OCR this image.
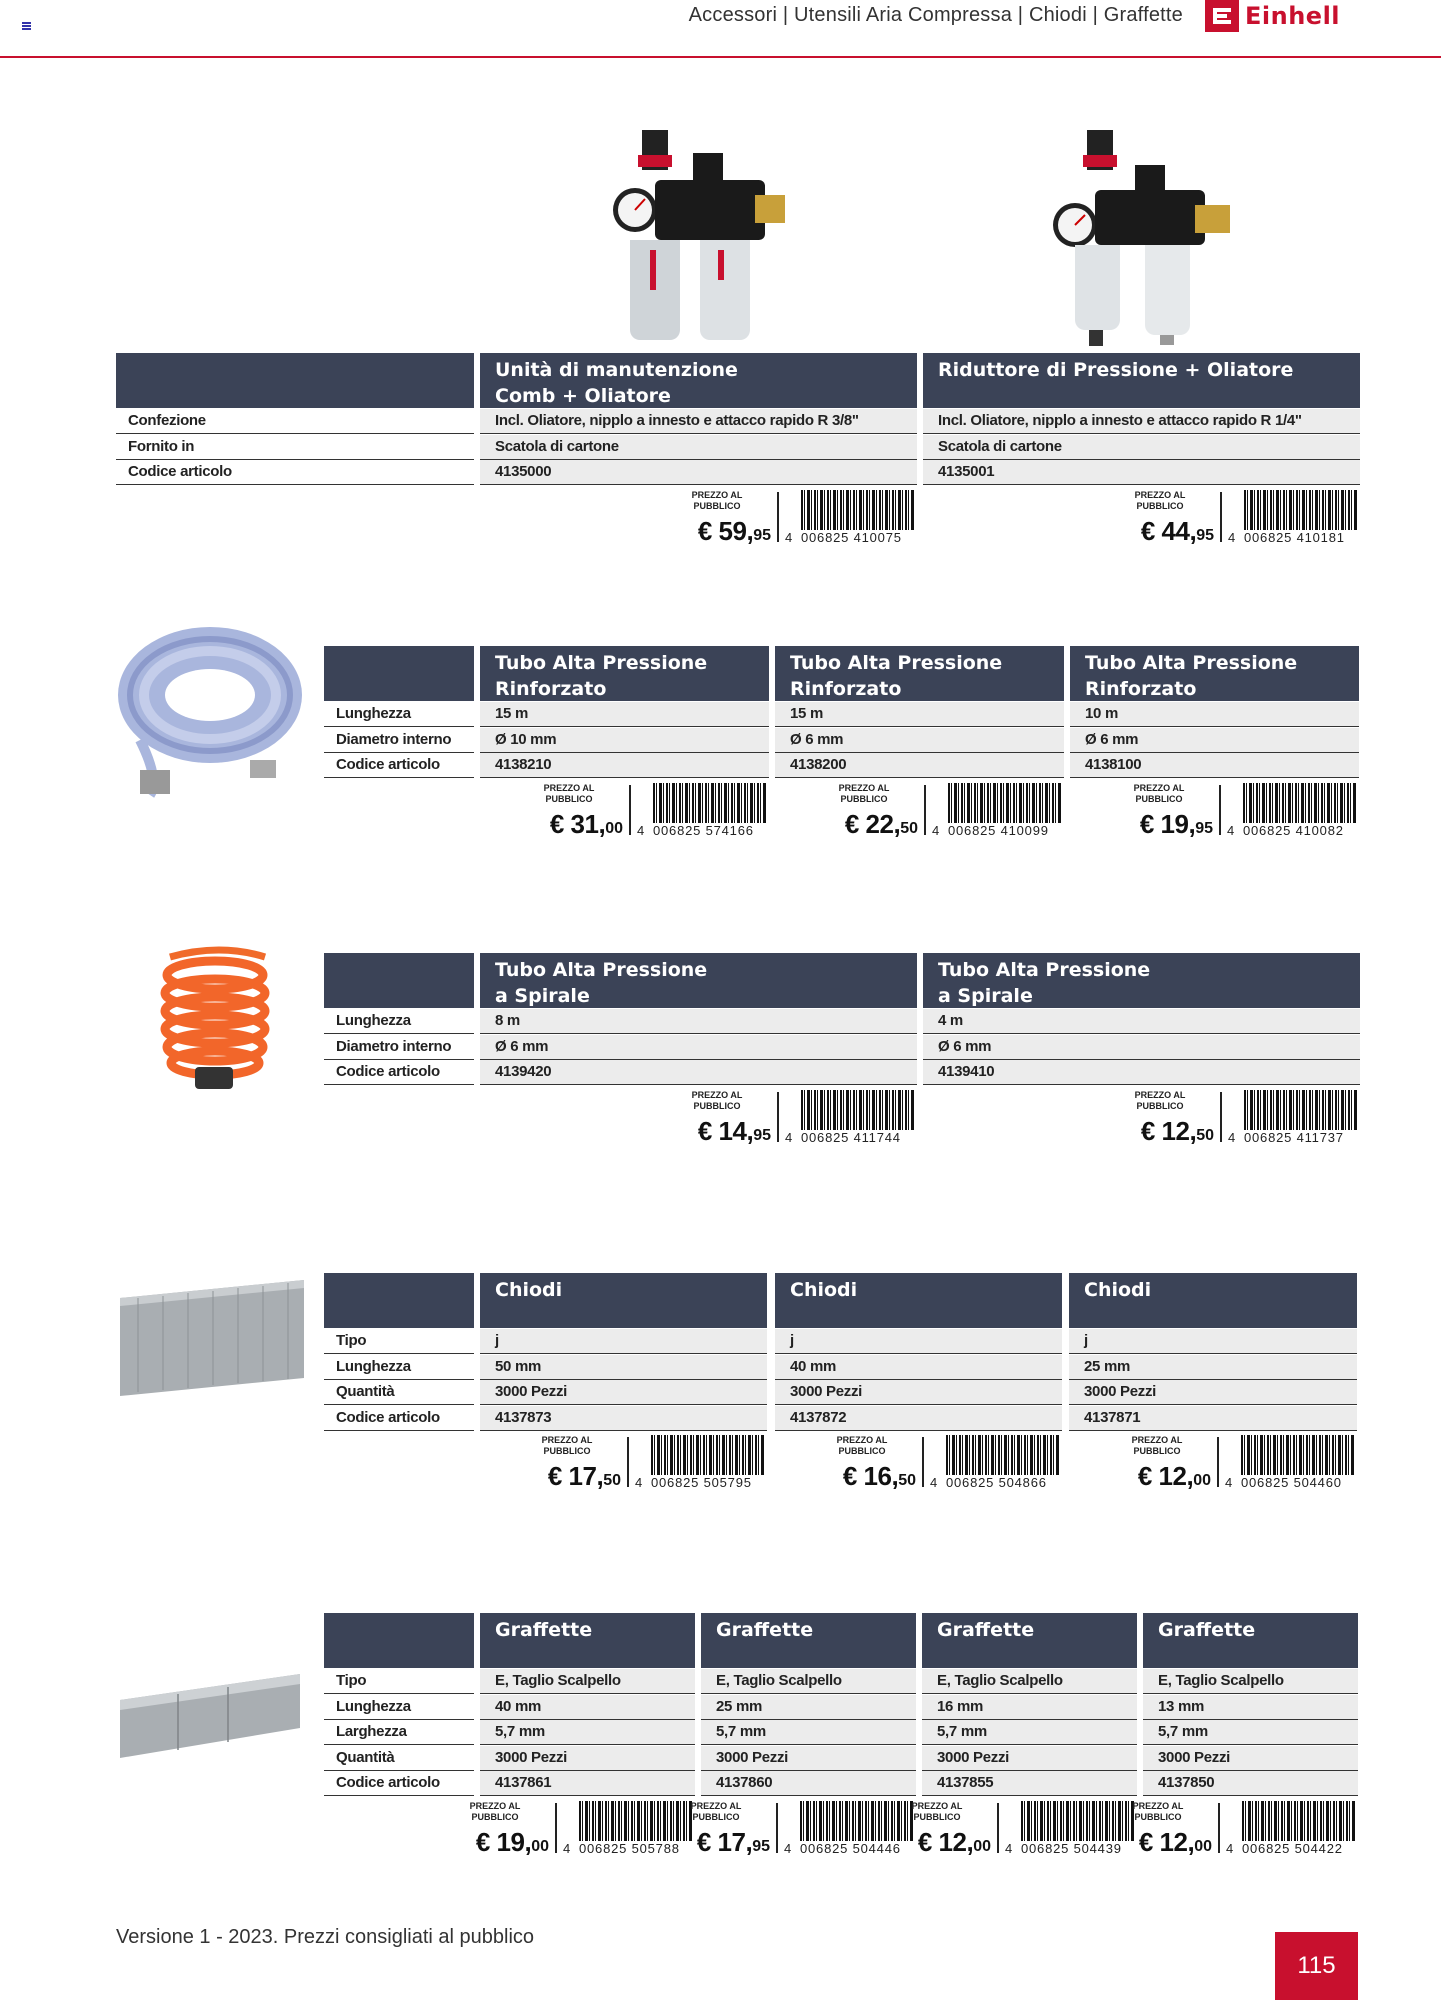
Accessori | Utensili Aria Compressa | Chiodi | Graffette	Einhell
Confezione
Fornito in
Codice articolo
Unità di manutenzione
Comb + Oliatore
Incl. Oliatore, nipplo a innesto e attacco rapido R 3/8"
Scatola di cartone
4135000
PREZZO AL PUBBLICO
€ 59,95 4 006825 410075
Riduttore di Pressione + Oliatore
Incl. Oliatore, nipplo a innesto e attacco rapido R 1/4"
Scatola di cartone
4135001
PREZZO AL PUBBLICO
€ 44,95 4 006825 410181
Lunghezza
Diametro interno
Codice articolo
Tubo Alta Pressione
Rinforzato
15 m
Ø 10 mm
4138210
PREZZO AL PUBBLICO
€ 31,00 4 006825 574166
Tubo Alta Pressione
Rinforzato
15 m
Ø 6 mm
4138200
PREZZO AL PUBBLICO
€ 22,50 4 006825 410099
Tubo Alta Pressione
Rinforzato
10 m
Ø 6 mm
4138100
PREZZO AL PUBBLICO
€ 19,95 4 006825 410082
Lunghezza
Diametro interno
Codice articolo
Tubo Alta Pressione
a Spirale
8 m
Ø 6 mm
4139420
PREZZO AL PUBBLICO
€ 14,95 4 006825 411744
Tubo Alta Pressione
a Spirale
4 m
Ø 6 mm
4139410
PREZZO AL PUBBLICO
€ 12,50 4 006825 411737
Tipo
Lunghezza
Quantità
Codice articolo
Chiodi
j
50 mm
3000 Pezzi
4137873
PREZZO AL PUBBLICO
€ 17,50 4 006825 505795
Chiodi
j
40 mm
3000 Pezzi
4137872
PREZZO AL PUBBLICO
€ 16,50 4 006825 504866
Chiodi
j
25 mm
3000 Pezzi
4137871
PREZZO AL PUBBLICO
€ 12,00 4 006825 504460
Tipo
Lunghezza
Larghezza
Quantità
Codice articolo
Graffette
E, Taglio Scalpello
40 mm
5,7 mm
3000 Pezzi
4137861
PREZZO AL PUBBLICO
€ 19,00 4 006825 505788
Graffette
E, Taglio Scalpello
25 mm
5,7 mm
3000 Pezzi
4137860
PREZZO AL PUBBLICO
€ 17,95 4 006825 504446
Graffette
E, Taglio Scalpello
16 mm
5,7 mm
3000 Pezzi
4137855
PREZZO AL PUBBLICO
€ 12,00 4 006825 504439
Graffette
E, Taglio Scalpello
13 mm
5,7 mm
3000 Pezzi
4137850
PREZZO AL PUBBLICO
€ 12,00 4 006825 504422
Versione 1 - 2023. Prezzi consigliati al pubblico
115
